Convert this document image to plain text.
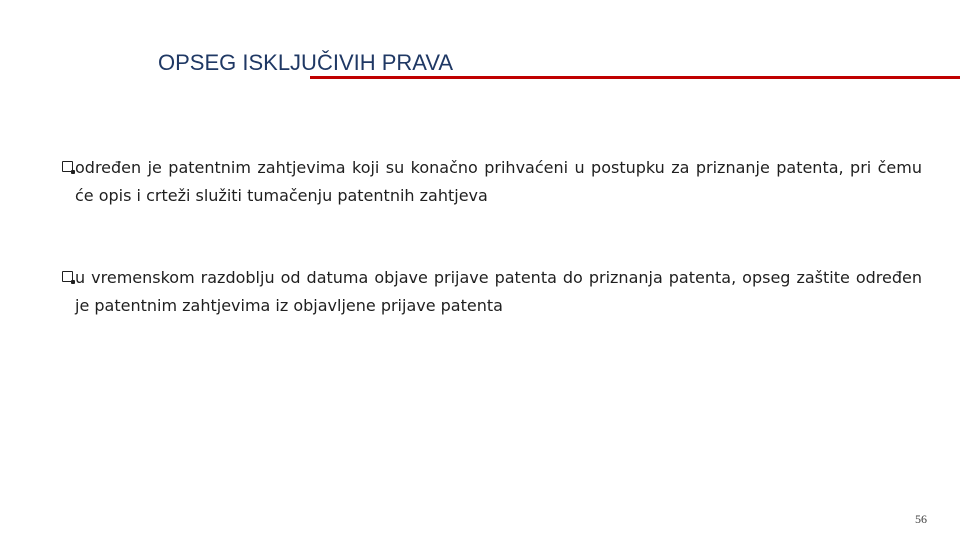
OPSEG ISKLJUČIVIH PRAVA
određen je patentnim zahtjevima koji su konačno prihvaćeni u postupku za priznanje patenta, pri čemu će opis i crteži služiti tumačenju patentnih zahtjeva
u vremenskom razdoblju od datuma objave prijave patenta do priznanja patenta, opseg zaštite određen je patentnim zahtjevima iz objavljene prijave patenta
56
